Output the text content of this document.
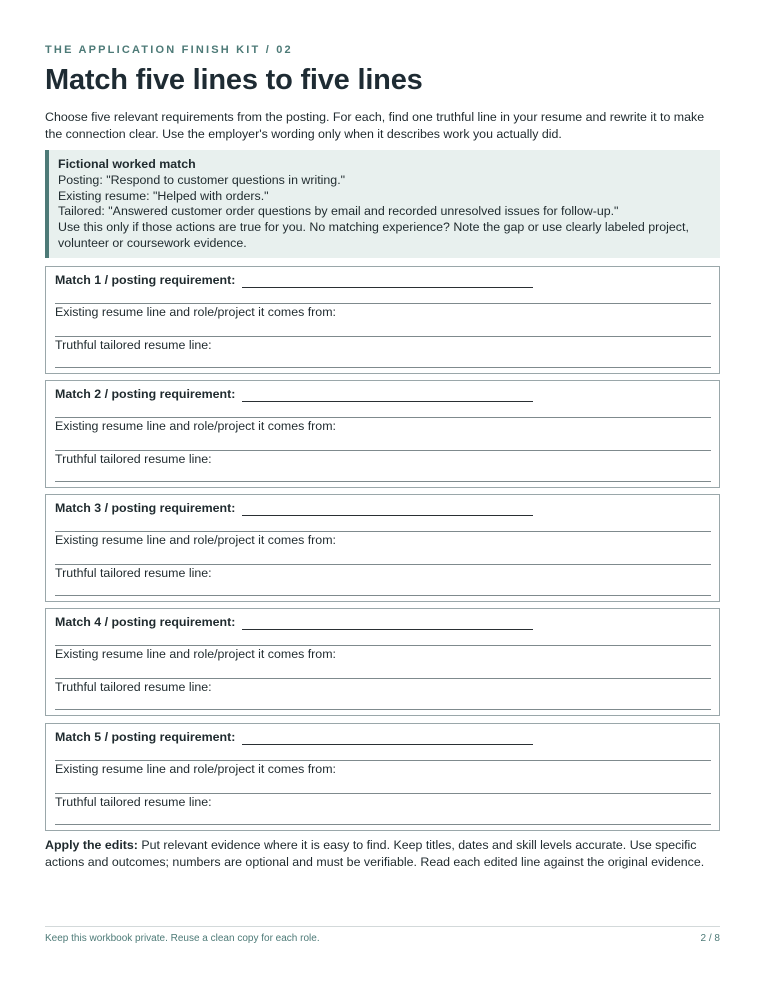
THE APPLICATION FINISH KIT / 02
Match five lines to five lines
Choose five relevant requirements from the posting. For each, find one truthful line in your resume and rewrite it to make the connection clear. Use the employer's wording only when it describes work you actually did.
Fictional worked match
Posting: "Respond to customer questions in writing."
Existing resume: "Helped with orders."
Tailored: "Answered customer order questions by email and recorded unresolved issues for follow-up."
Use this only if those actions are true for you. No matching experience? Note the gap or use clearly labeled project, volunteer or coursework evidence.
Match 1 / posting requirement:
Existing resume line and role/project it comes from:
Truthful tailored resume line:
Match 2 / posting requirement:
Existing resume line and role/project it comes from:
Truthful tailored resume line:
Match 3 / posting requirement:
Existing resume line and role/project it comes from:
Truthful tailored resume line:
Match 4 / posting requirement:
Existing resume line and role/project it comes from:
Truthful tailored resume line:
Match 5 / posting requirement:
Existing resume line and role/project it comes from:
Truthful tailored resume line:
Apply the edits: Put relevant evidence where it is easy to find. Keep titles, dates and skill levels accurate. Use specific actions and outcomes; numbers are optional and must be verifiable. Read each edited line against the original evidence.
Keep this workbook private. Reuse a clean copy for each role.	2 / 8
